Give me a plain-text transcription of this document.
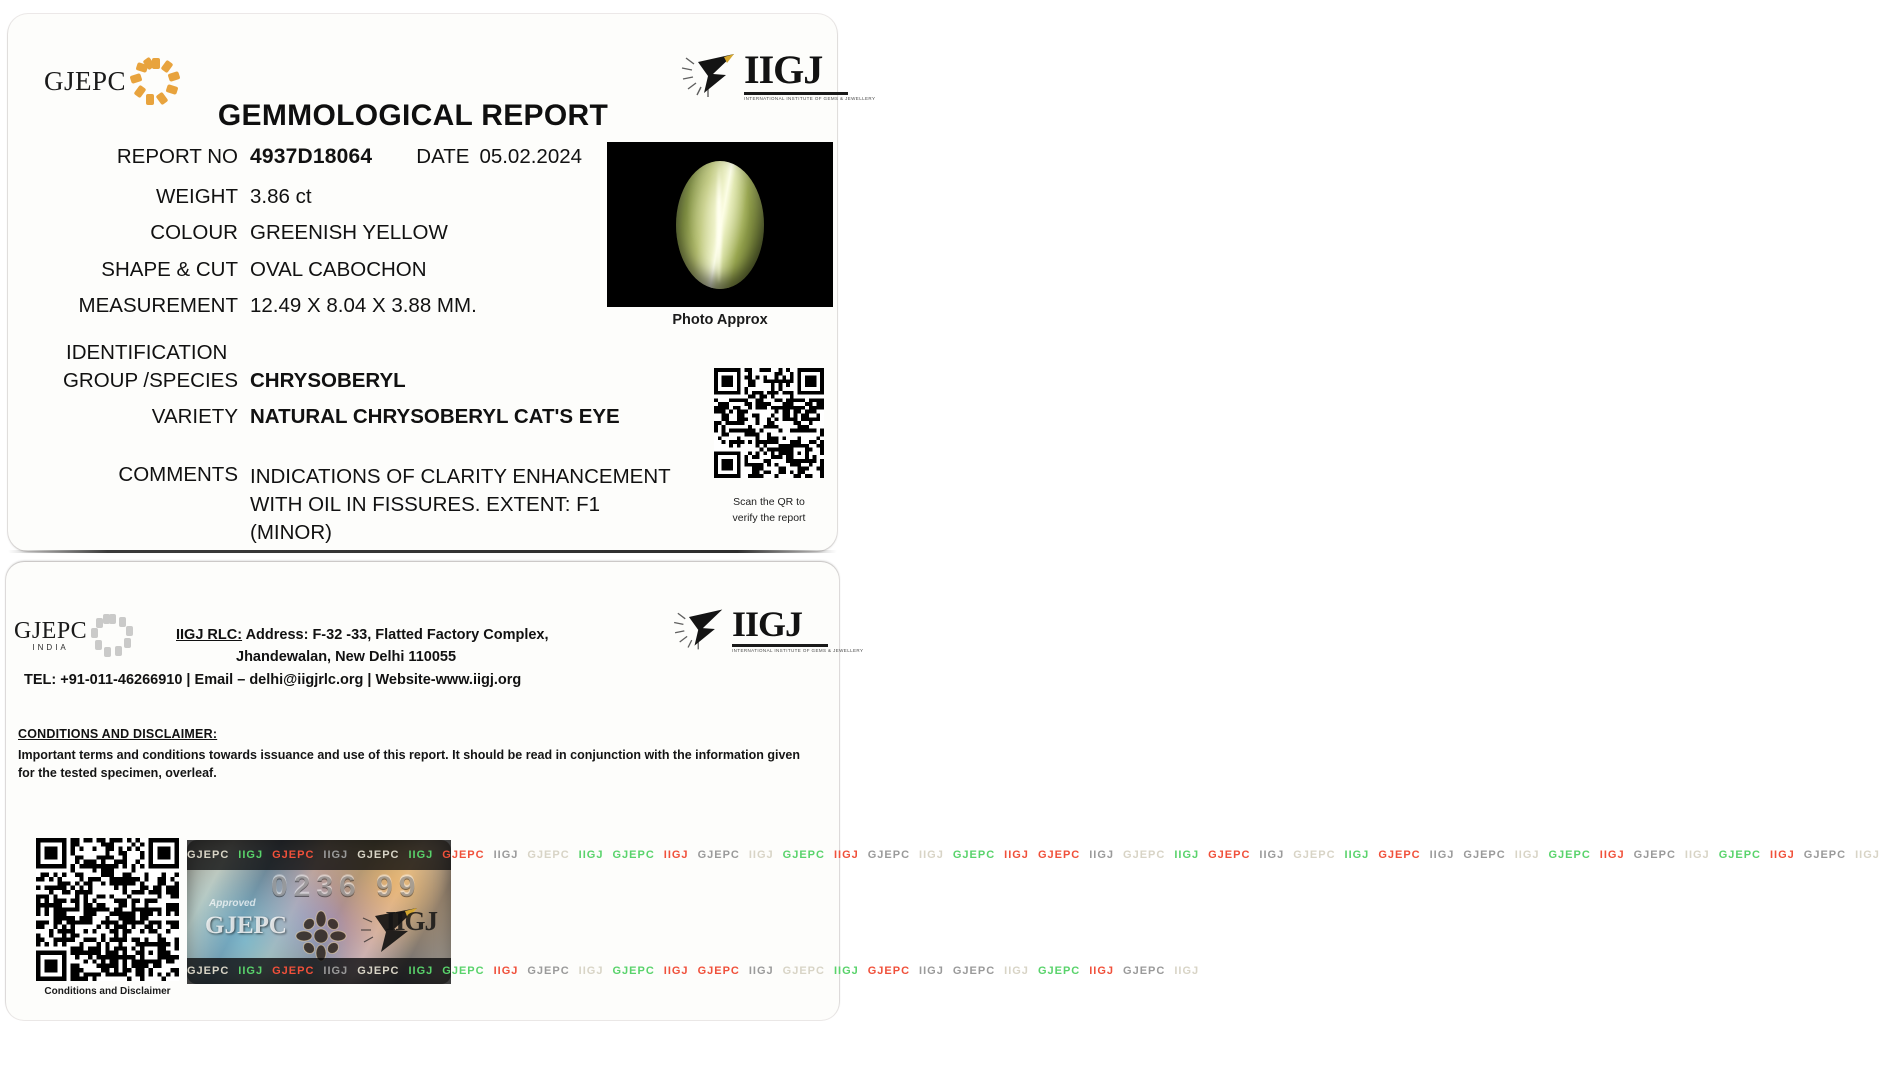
GJEPC	IIGJ
INTERNATIONAL INSTITUTE OF GEMS & JEWELLERY
GEMMOLOGICAL REPORT
REPORT NO 4937D18064 DATE 05.02.2024
WEIGHT 3.86 ct
COLOUR GREENISH YELLOW
SHAPE & CUT OVAL CABOCHON
MEASUREMENT 12.49 X 8.04 X 3.88 MM.
IDENTIFICATION
GROUP /SPECIES CHRYSOBERYL
VARIETY NATURAL CHRYSOBERYL CAT'S EYE
COMMENTS INDICATIONS OF CLARITY ENHANCEMENT
WITH OIL IN FISSURES. EXTENT: F1
(MINOR)
Photo Approx
Scan the QR to
verify the report
GJEPC
INDIA
IIGJ
INTERNATIONAL INSTITUTE OF GEMS & JEWELLERY
IIGJ RLC: Address: F-32 -33, Flatted Factory Complex,
Jhandewalan, New Delhi 110055
TEL: +91-011-46266910 | Email – delhi@iigjrlc.org | Website-www.iigj.org
CONDITIONS AND DISCLAIMER:
Important terms and conditions towards issuance and use of this report. It should be read in conjunction with the information given for the tested specimen, overleaf.
Conditions and Disclaimer
GJEPC IIGJ GJEPC IIGJ GJEPC IIGJ GJEPC IIGJ GJEPC IIGJ GJEPC IIGJ GJEPC IIGJ GJEPC IIGJ GJEPC IIGJ GJEPC IIGJ GJEPC IIGJ GJEPC IIGJ GJEPC IIGJ GJEPC IIGJ GJEPC IIGJ GJEPC IIGJ GJEPC IIGJ GJEPC IIGJ GJEPC IIGJ GJEPC IIGJ
Approved
0236 99
GJEPC	IIGJ
GJEPC IIGJ GJEPC IIGJ GJEPC IIGJ GJEPC IIGJ GJEPC IIGJ GJEPC IIGJ GJEPC IIGJ GJEPC IIGJ GJEPC IIGJ GJEPC IIGJ GJEPC IIGJ GJEPC IIGJ
